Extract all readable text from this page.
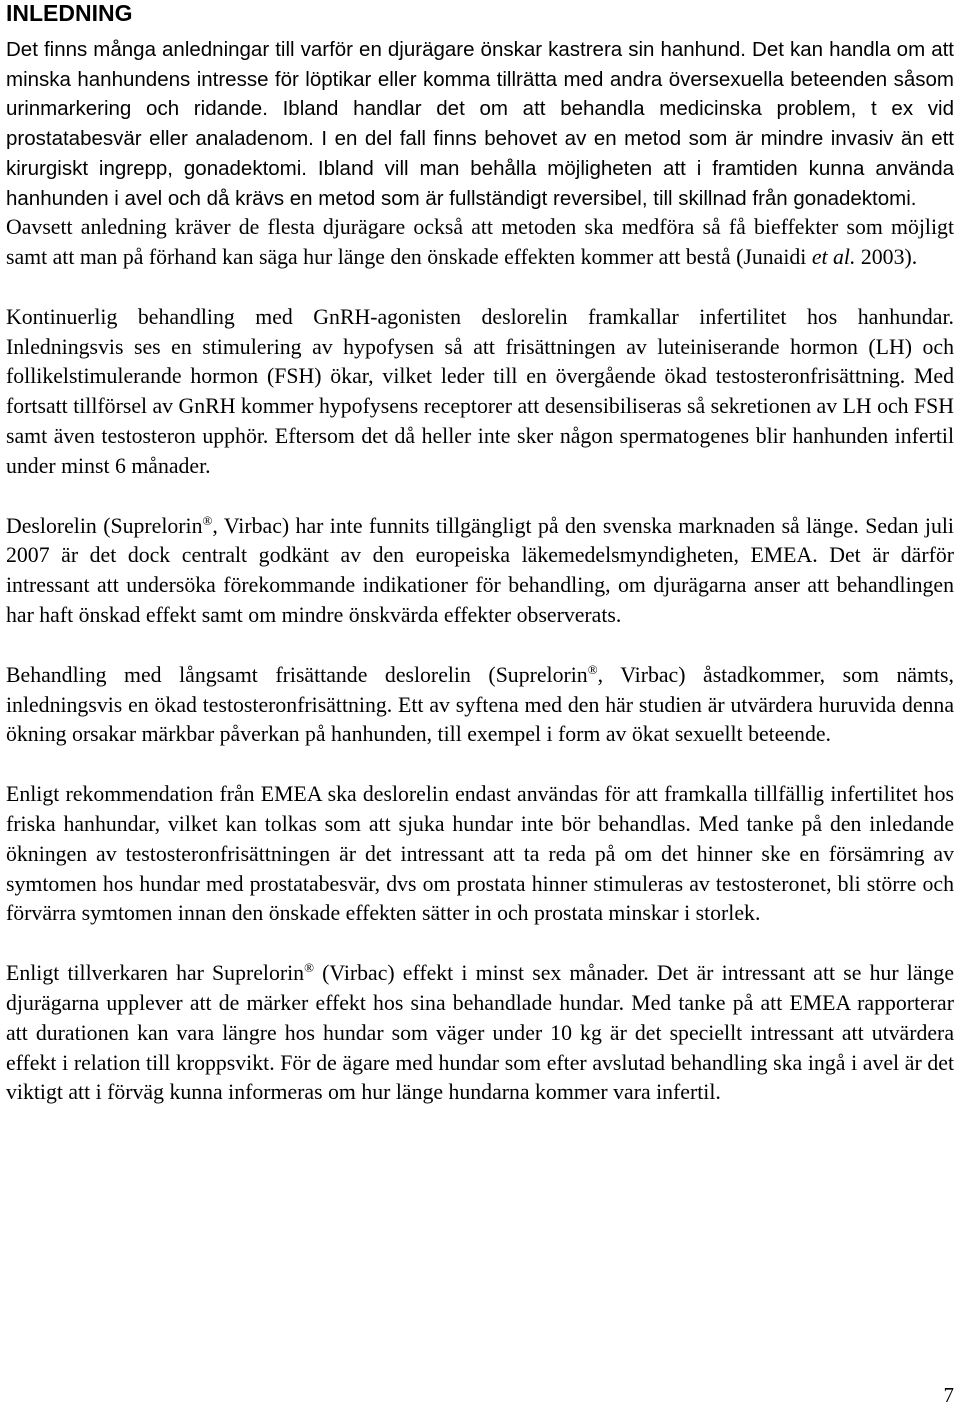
INLEDNING

Det finns många anledningar till varför en djurägare önskar kastrera sin hanhund. Det kan handla om att minska hanhundens intresse för löptikar eller komma tillrätta med andra översexuella beteenden såsom urinmarkering och ridande. Ibland handlar det om att behandla medicinska problem, t ex vid prostatabesvär eller analadenom. I en del fall finns behovet av en metod som är mindre invasiv än ett kirurgiskt ingrepp, gonadektomi. Ibland vill man behålla möjligheten att i framtiden kunna använda hanhunden i avel och då krävs en metod som är fullständigt reversibel, till skillnad från gonadektomi.

Oavsett anledning kräver de flesta djurägare också att metoden ska medföra så få bieffekter som möjligt samt att man på förhand kan säga hur länge den önskade effekten kommer att bestå (Junaidi et al. 2003).

Kontinuerlig behandling med GnRH-agonisten deslorelin framkallar infertilitet hos hanhundar. Inledningsvis ses en stimulering av hypofysen så att frisättningen av luteiniserande hormon (LH) och follikelstimulerande hormon (FSH) ökar, vilket leder till en övergående ökad testosteronfrisättning. Med fortsatt tillförsel av GnRH kommer hypofysens receptorer att desensibiliseras så sekretionen av LH och FSH samt även testosteron upphör. Eftersom det då heller inte sker någon spermatogenes blir hanhunden infertil under minst 6 månader.

Deslorelin (Suprelorin®, Virbac) har inte funnits tillgängligt på den svenska marknaden så länge. Sedan juli 2007 är det dock centralt godkänt av den europeiska läkemedelsmyndigheten, EMEA. Det är därför intressant att undersöka förekommande indikationer för behandling, om djurägarna anser att behandlingen har haft önskad effekt samt om mindre önskvärda effekter observerats.

Behandling med långsamt frisättande deslorelin (Suprelorin®, Virbac) åstadkommer, som nämts, inledningsvis en ökad testosteronfrisättning. Ett av syftena med den här studien är utvärdera huruvida denna ökning orsakar märkbar påverkan på hanhunden, till exempel i form av ökat sexuellt beteende.

Enligt rekommendation från EMEA ska deslorelin endast användas för att framkalla tillfällig infertilitet hos friska hanhundar, vilket kan tolkas som att sjuka hundar inte bör behandlas. Med tanke på den inledande ökningen av testosteronfrisättningen är det intressant att ta reda på om det hinner ske en försämring av symtomen hos hundar med prostatabesvär, dvs om prostata hinner stimuleras av testosteronet, bli större och förvärra symtomen innan den önskade effekten sätter in och prostata minskar i storlek.

Enligt tillverkaren har Suprelorin® (Virbac) effekt i minst sex månader. Det är intressant att se hur länge djurägarna upplever att de märker effekt hos sina behandlade hundar. Med tanke på att EMEA rapporterar att durationen kan vara längre hos hundar som väger under 10 kg är det speciellt intressant att utvärdera effekt i relation till kroppsvikt. För de ägare med hundar som efter avslutad behandling ska ingå i avel är det viktigt att i förväg kunna informeras om hur länge hundarna kommer vara infertil.

7
